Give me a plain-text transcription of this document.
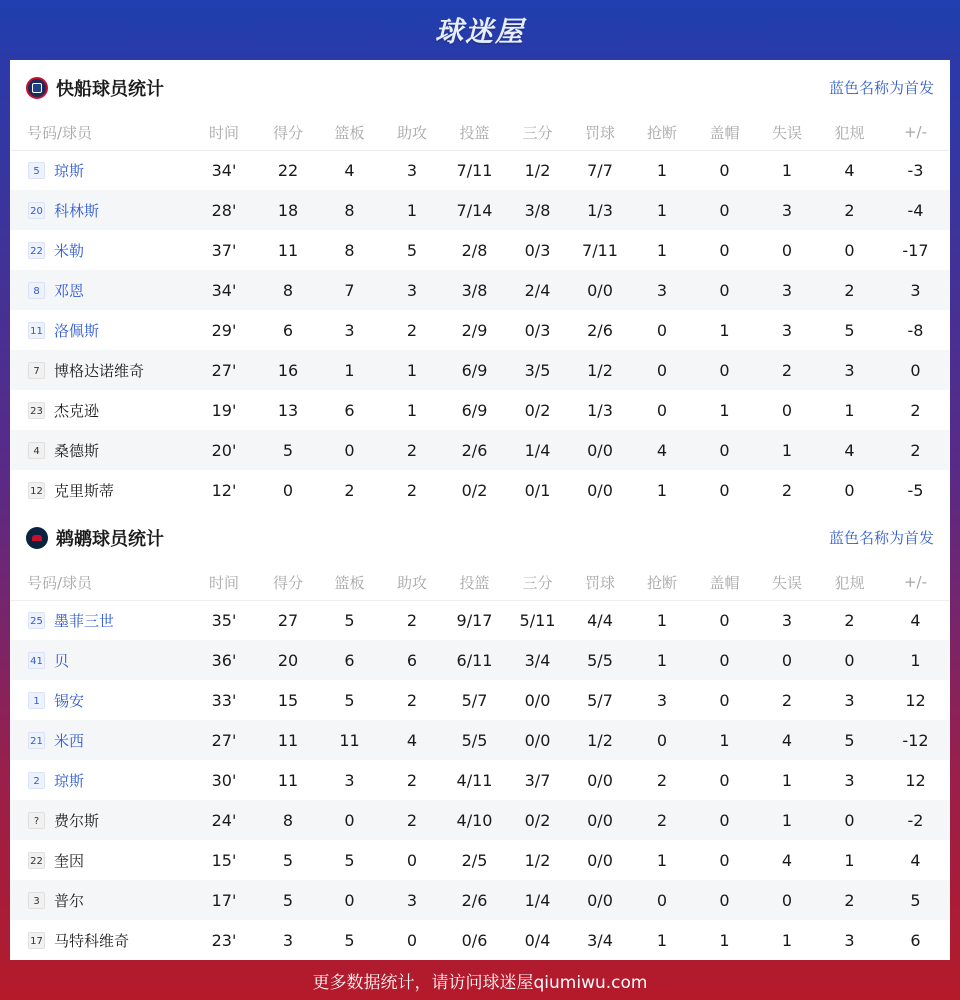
球迷屋
快船球员统计	蓝色名称为首发
号码/球员	时间	得分	篮板	助攻	投篮	三分	罚球	抢断	盖帽	失误	犯规	+/-
5 琼斯	34'	22	4	3	7/11	1/2	7/7	1	0	1	4	-3
20 科林斯	28'	18	8	1	7/14	3/8	1/3	1	0	3	2	-4
22 米勒	37'	11	8	5	2/8	0/3	7/11	1	0	0	0	-17
8 邓恩	34'	8	7	3	3/8	2/4	0/0	3	0	3	2	3
11 洛佩斯	29'	6	3	2	2/9	0/3	2/6	0	1	3	5	-8
7 博格达诺维奇	27'	16	1	1	6/9	3/5	1/2	0	0	2	3	0
23 杰克逊	19'	13	6	1	6/9	0/2	1/3	0	1	0	1	2
4 桑德斯	20'	5	0	2	2/6	1/4	0/0	4	0	1	4	2
12 克里斯蒂	12'	0	2	2	0/2	0/1	0/0	1	0	2	0	-5
鹈鹕球员统计	蓝色名称为首发
号码/球员	时间	得分	篮板	助攻	投篮	三分	罚球	抢断	盖帽	失误	犯规	+/-
25 墨菲三世	35'	27	5	2	9/17	5/11	4/4	1	0	3	2	4
41 贝	36'	20	6	6	6/11	3/4	5/5	1	0	0	0	1
1 锡安	33'	15	5	2	5/7	0/0	5/7	3	0	2	3	12
21 米西	27'	11	11	4	5/5	0/0	1/2	0	1	4	5	-12
2 琼斯	30'	11	3	2	4/11	3/7	0/0	2	0	1	3	12
? 费尔斯	24'	8	0	2	4/10	0/2	0/0	2	0	1	0	-2
22 奎因	15'	5	5	0	2/5	1/2	0/0	1	0	4	1	4
3 普尔	17'	5	0	3	2/6	1/4	0/0	0	0	0	2	5
17 马特科维奇	23'	3	5	0	0/6	0/4	3/4	1	1	1	3	6
更多数据统计，请访问球迷屋qiumiwu.com
